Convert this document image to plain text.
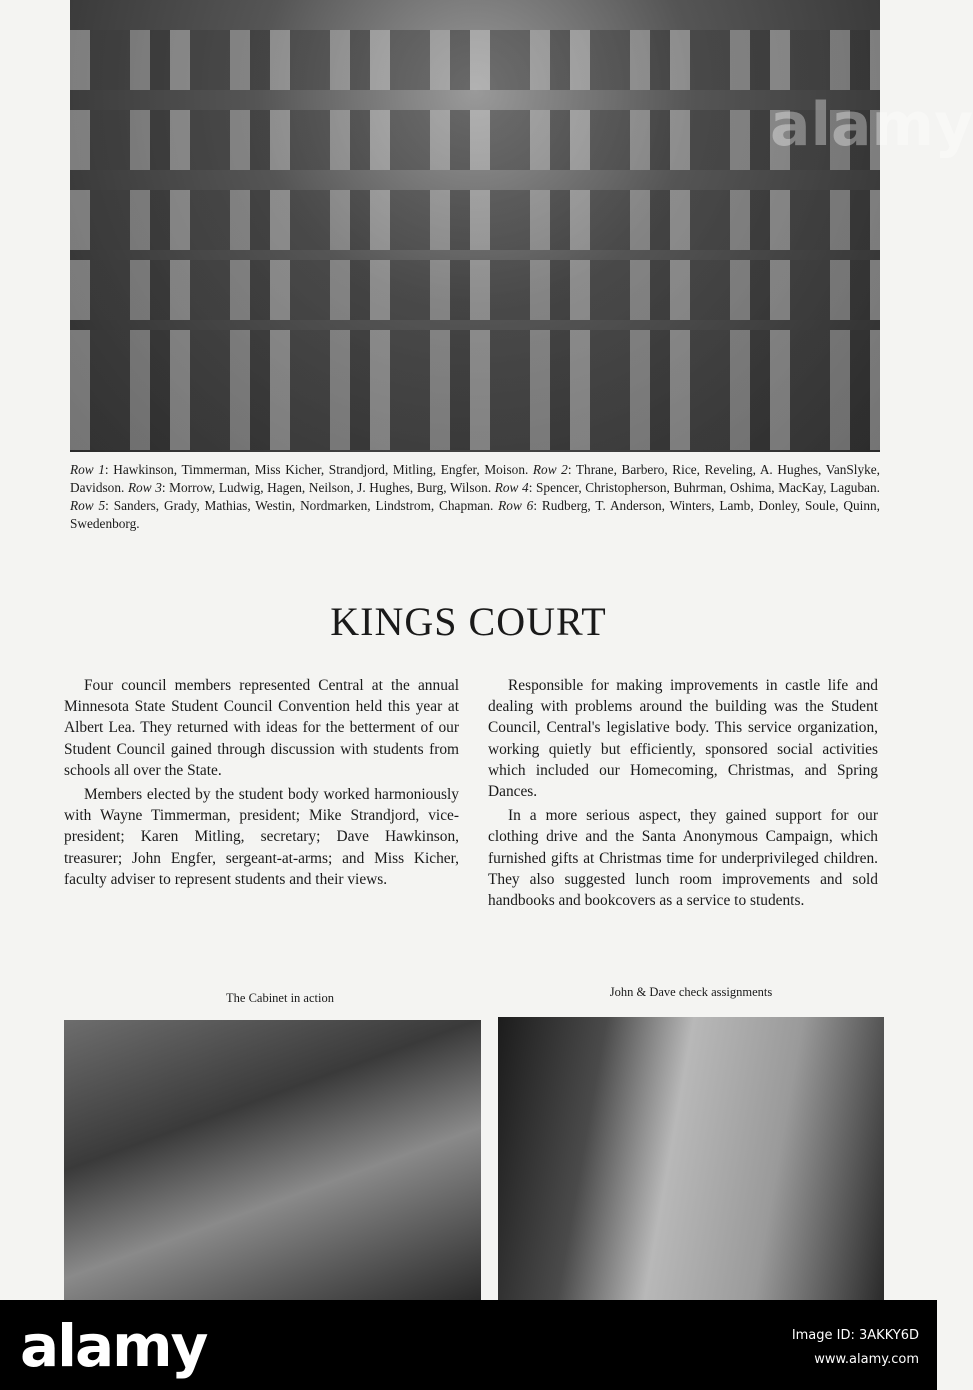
alamy
Row 1: Hawkinson, Timmerman, Miss Kicher, Strandjord, Mitling, Engfer, Moison. Row 2: Thrane, Barbero, Rice, Reveling, A. Hughes, VanSlyke, Davidson. Row 3: Morrow, Ludwig, Hagen, Neilson, J. Hughes, Burg, Wilson. Row 4: Spencer, Christopherson, Buhrman, Oshima, MacKay, Laguban. Row 5: Sanders, Grady, Mathias, Westin, Nordmarken, Lindstrom, Chapman. Row 6: Rudberg, T. Anderson, Winters, Lamb, Donley, Soule, Quinn, Swedenborg.
KINGS COURT

Four council members represented Central at the annual Minnesota State Student Council Convention held this year at Albert Lea. They returned with ideas for the betterment of our Student Council gained through discussion with students from schools all over the State.

Members elected by the student body worked harmoniously with Wayne Timmerman, president; Mike Strandjord, vice-president; Karen Mitling, secretary; Dave Hawkinson, treasurer; John Engfer, sergeant-at-arms; and Miss Kicher, faculty adviser to represent students and their views.

Responsible for making improvements in castle life and dealing with problems around the building was the Student Council, Central's legislative body. This service organization, working quietly but efficiently, sponsored social activities which included our Homecoming, Christmas, and Spring Dances.

In a more serious aspect, they gained support for our clothing drive and the Santa Anonymous Campaign, which furnished gifts at Christmas time for underprivileged children. They also suggested lunch room improvements and sold handbooks and bookcovers as a service to students.

The Cabinet in action	John & Dave check assignments
alamy	Image ID: 3AKKY6D
www.alamy.com
